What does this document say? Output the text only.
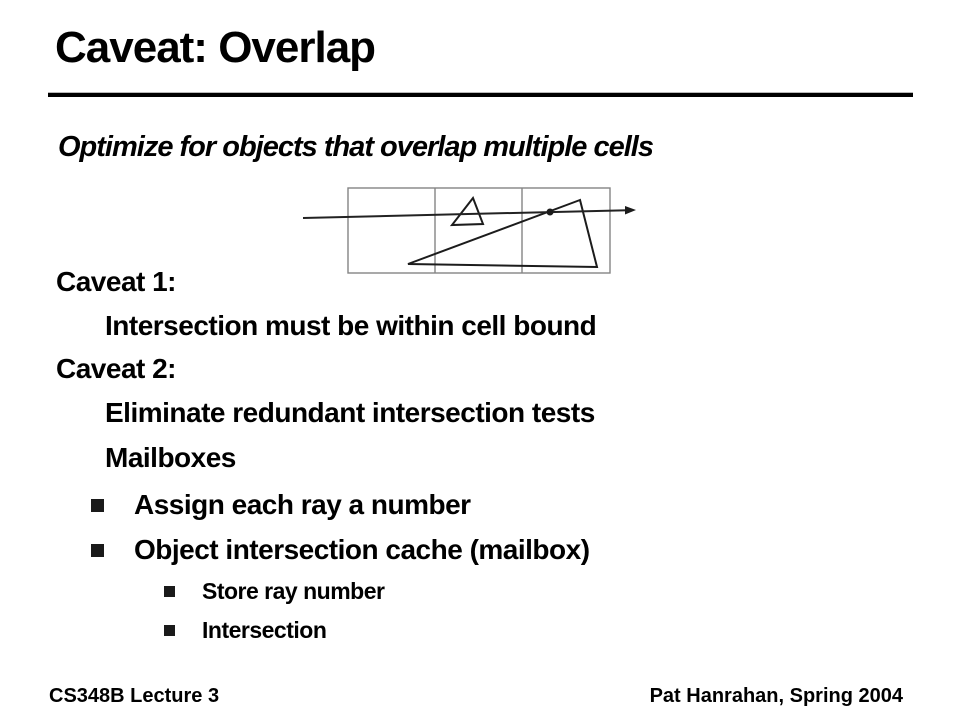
Caveat: Overlap
Optimize for objects that overlap multiple cells
Caveat 1:
Intersection must be within cell bound
Caveat 2:
Eliminate redundant intersection tests
Mailboxes
Assign each ray a number
Object intersection cache (mailbox)
Store ray number
Intersection
CS348B Lecture 3	Pat Hanrahan, Spring 2004
